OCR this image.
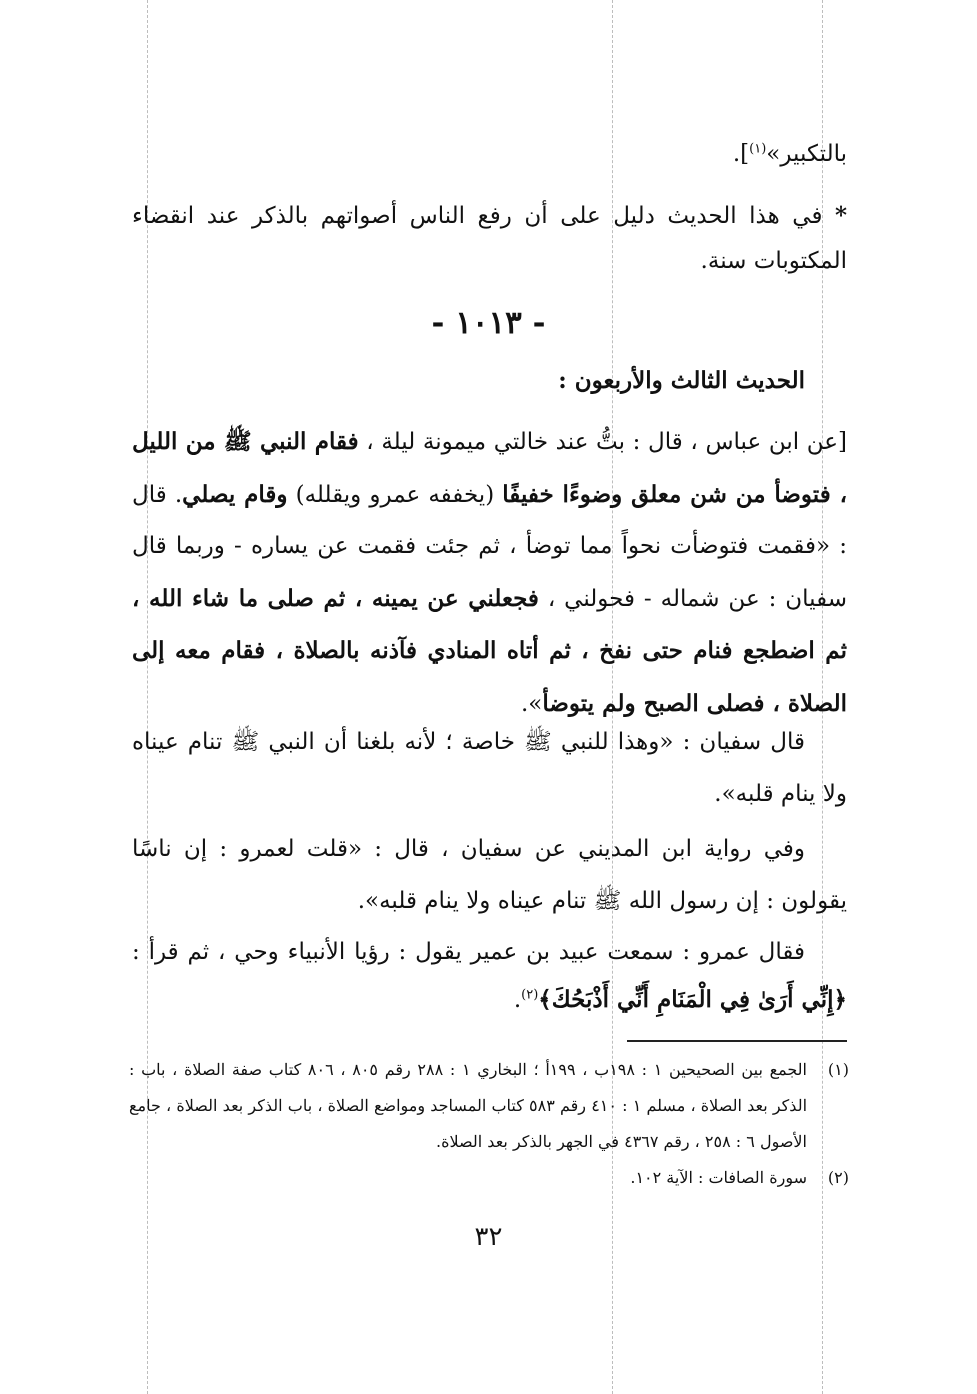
بالتكبير»$^{(١)}$].

* في هذا الحديث دليل على أن رفع الناس أصواتهم بالذكر عند انقضاء المكتوبات سنة.

- ١٠١٣ -

الحديث الثالث والأربعون :

[عن ابن عباس ، قال : بتُّ عند خالتي ميمونة ليلة ، فقام النبي ﷺ من الليل ، فتوضأ من شن معلق وضوءًا خفيفًا (يخففه عمرو ويقلله) وقام يصلي. قال : «فقمت فتوضأت نحواً مما توضأ ، ثم جئت فقمت عن يساره - وربما قال سفيان : عن شماله - فحولني ، فجعلني عن يمينه ، ثم صلى ما شاء الله ، ثم اضطجع فنام حتى نفخ ، ثم أتاه المنادي فآذنه بالصلاة ، فقام معه إلى الصلاة ، فصلى الصبح ولم يتوضأ».

قال سفيان : «وهذا للنبي ﷺ خاصة ؛ لأنه بلغنا أن النبي ﷺ تنام عيناه ولا ينام قلبه».

وفي رواية ابن المديني عن سفيان ، قال : «قلت لعمرو : إن ناسًا يقولون : إن رسول الله ﷺ تنام عيناه ولا ينام قلبه».

فقال عمرو : سمعت عبيد بن عمير يقول : رؤيا الأنبياء وحي ، ثم قرأ : ﴿إِنِّي أَرَىٰ فِي الْمَنَامِ أَنِّي أَذْبَحُكَ﴾$^{(٢)}$.

(١)
الجمع بين الصحيحين ١ : ١٩٨ب ، ١٩٩أ ؛ البخاري ١ : ٢٨٨ رقم ٨٠٥ ، ٨٠٦ كتاب صفة الصلاة ، باب : الذكر بعد الصلاة ، مسلم ١ : ٤١٠ رقم ٥٨٣ كتاب المساجد ومواضع الصلاة ، باب الذكر بعد الصلاة ، جامع الأصول ٦ : ٢٥٨ ، رقم ٤٣٦٧ في الجهر بالذكر بعد الصلاة.
(٢)
سورة الصافات : الآية ١٠٢.
٣٢
